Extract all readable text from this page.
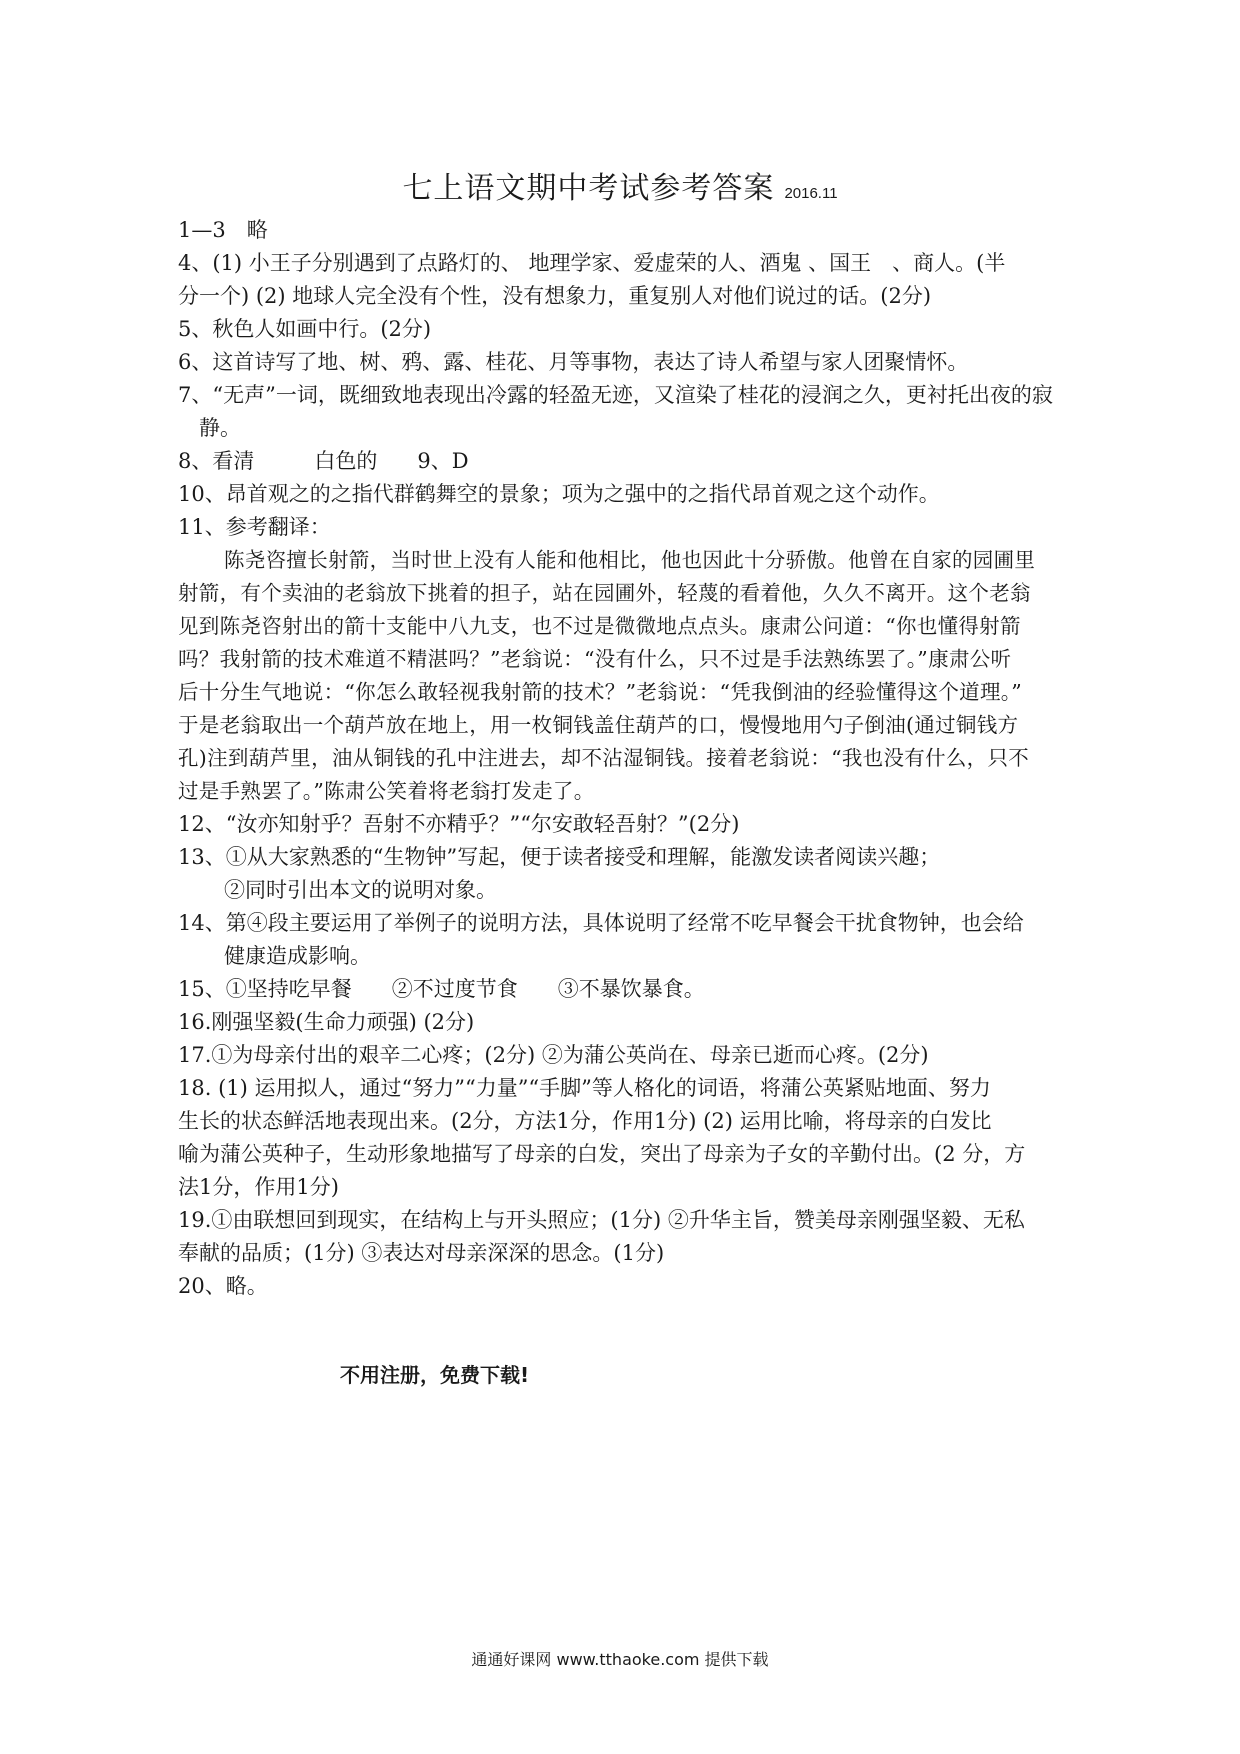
七上语文期中考试参考答案 2016.11
1—3　略
4、(1) 小王子分别遇到了点路灯的、 地理学家、爱虚荣的人、酒鬼 、国王　、商人。(半
分一个) (2) 地球人完全没有个性，没有想象力，重复别人对他们说过的话。(2分)
5、秋色人如画中行。(2分)
6、这首诗写了地、树、鸦、露、桂花、月等事物，表达了诗人希望与家人团聚情怀。
7、“无声”一词，既细致地表现出冷露的轻盈无迹，又渲染了桂花的浸润之久，更衬托出夜的寂
静。
8、看清	白色的 9、D
10、昂首观之的之指代群鹤舞空的景象；项为之强中的之指代昂首观之这个动作。
11、参考翻译：
陈尧咨擅长射箭，当时世上没有人能和他相比，他也因此十分骄傲。他曾在自家的园圃里
射箭，有个卖油的老翁放下挑着的担子，站在园圃外，轻蔑的看着他，久久不离开。这个老翁
见到陈尧咨射出的箭十支能中八九支，也不过是微微地点点头。康肃公问道：“你也懂得射箭
吗？我射箭的技术难道不精湛吗？”老翁说：“没有什么，只不过是手法熟练罢了。”康肃公听
后十分生气地说：“你怎么敢轻视我射箭的技术？”老翁说：“凭我倒油的经验懂得这个道理。”
于是老翁取出一个葫芦放在地上，用一枚铜钱盖住葫芦的口，慢慢地用勺子倒油(通过铜钱方
孔)注到葫芦里，油从铜钱的孔中注进去，却不沾湿铜钱。接着老翁说：“我也没有什么，只不
过是手熟罢了。”陈肃公笑着将老翁打发走了。
12、“汝亦知射乎？吾射不亦精乎？”“尔安敢轻吾射？”(2分)
13、①从大家熟悉的“生物钟”写起，便于读者接受和理解，能激发读者阅读兴趣；
②同时引出本文的说明对象。
14、第④段主要运用了举例子的说明方法，具体说明了经常不吃早餐会干扰食物钟，也会给
健康造成影响。
15、①坚持吃早餐 ②不过度节食 ③不暴饮暴食。
16.刚强坚毅(生命力顽强) (2分)
17.①为母亲付出的艰辛二心疼；(2分) ②为蒲公英尚在、母亲已逝而心疼。(2分)
18. (1) 运用拟人，通过“努力”“力量”“手脚”等人格化的词语，将蒲公英紧贴地面、努力
生长的状态鲜活地表现出来。(2分，方法1分，作用1分) (2) 运用比喻，将母亲的白发比
喻为蒲公英种子，生动形象地描写了母亲的白发，突出了母亲为子女的辛勤付出。(2 分，方
法1分，作用1分)
19.①由联想回到现实，在结构上与开头照应；(1分) ②升华主旨，赞美母亲刚强坚毅、无私
奉献的品质；(1分) ③表达对母亲深深的思念。(1分)
20、略。
不用注册，免费下载!
通通好课网 www.tthaoke.com 提供下载
